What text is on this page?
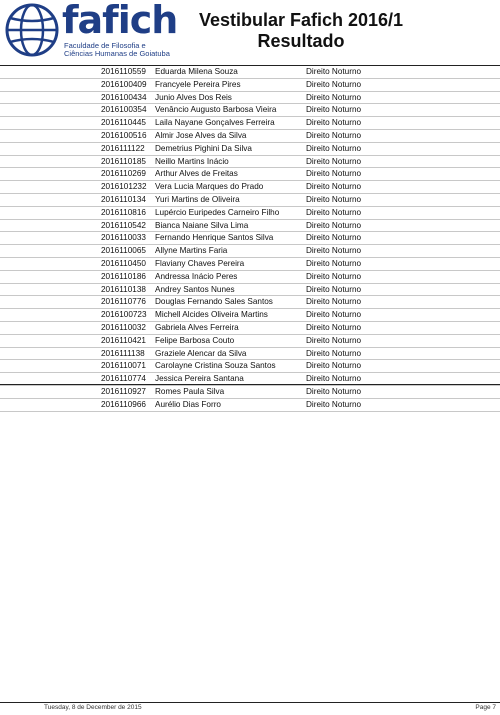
fafich
Faculdade de Filosofia e
Ciências Humanas de Goiatuba
Vestibular Fafich 2016/1
Resultado
2016110559 Eduarda Milena Souza	Direito Noturno
2016100409 Francyele Pereira Pires	Direito Noturno
2016100434 Junio Alves Dos Reis	Direito Noturno
2016100354 Venâncio Augusto Barbosa Vieira	Direito Noturno
2016110445 Laila Nayane Gonçalves Ferreira	Direito Noturno
2016100516 Almir Jose Alves da Silva	Direito Noturno
2016111122 Demetrius Pighini Da Silva	Direito Noturno
2016110185 Neillo Martins Inácio	Direito Noturno
2016110269 Arthur Alves de Freitas	Direito Noturno
2016101232 Vera Lucia Marques do Prado	Direito Noturno
2016110134 Yuri Martins de Oliveira	Direito Noturno
2016110816 Lupércio Euripedes Carneiro Filho	Direito Noturno
2016110542 Bianca Naiane Silva Lima	Direito Noturno
2016110033 Fernando Henrique Santos Silva	Direito Noturno
2016110065 Allyne Martins Faria	Direito Noturno
2016110450 Flaviany Chaves Pereira	Direito Noturno
2016110186 Andressa Inácio Peres	Direito Noturno
2016110138 Andrey Santos Nunes	Direito Noturno
2016110776 Douglas Fernando Sales Santos	Direito Noturno
2016100723 Michell Alcides Oliveira Martins	Direito Noturno
2016110032 Gabriela Alves Ferreira	Direito Noturno
2016110421 Felipe Barbosa Couto	Direito Noturno
2016111138 Graziele Alencar da Silva	Direito Noturno
2016110071 Carolayne Cristina Souza Santos	Direito Noturno
2016110774 Jessica Pereira Santana	Direito Noturno
2016110927 Romes Paula Silva	Direito Noturno
2016110966 Aurélio Dias Forro	Direito Noturno
Tuesday, 8 de December de 2015	Page 7
